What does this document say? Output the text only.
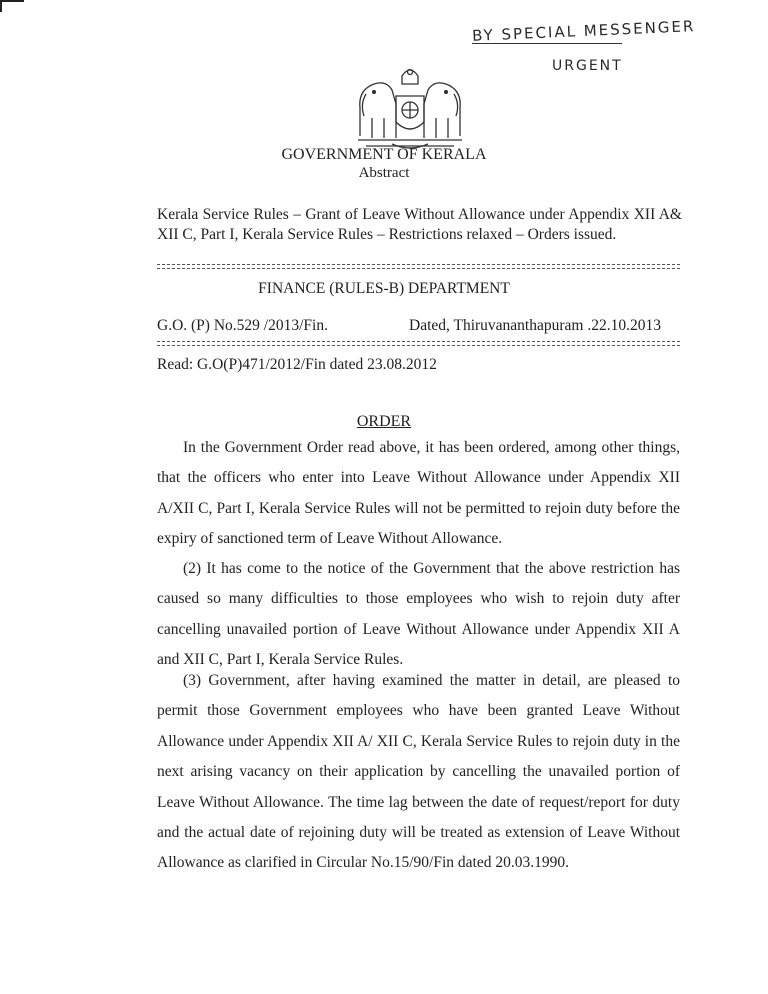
BY SPECIAL MESSENGER
URGENT
GOVERNMENT OF KERALA
Abstract
Kerala Service Rules – Grant of Leave Without Allowance under Appendix XII A& XII C, Part I, Kerala Service Rules – Restrictions relaxed – Orders issued.
FINANCE (RULES-B) DEPARTMENT
G.O. (P) No.529 /2013/Fin.	Dated, Thiruvananthapuram .22.10.2013
Read: G.O(P)471/2012/Fin dated 23.08.2012
ORDER
In the Government Order read above, it has been ordered, among other things, that the officers who enter into Leave Without Allowance under Appendix XII A/XII C, Part I, Kerala Service Rules will not be permitted to rejoin duty before the expiry of sanctioned term of Leave Without Allowance.
(2) It has come to the notice of the Government that the above restriction has caused so many difficulties to those employees who wish to rejoin duty after cancelling unavailed portion of Leave Without Allowance under Appendix XII A and XII C, Part I, Kerala Service Rules.
(3) Government, after having examined the matter in detail, are pleased to permit those Government employees who have been granted Leave Without Allowance under Appendix XII A/ XII C, Kerala Service Rules to rejoin duty in the next arising vacancy on their application by cancelling the unavailed portion of Leave Without Allowance. The time lag between the date of request/report for duty and the actual date of rejoining duty will be treated as extension of Leave Without Allowance as clarified in Circular No.15/90/Fin dated 20.03.1990.
